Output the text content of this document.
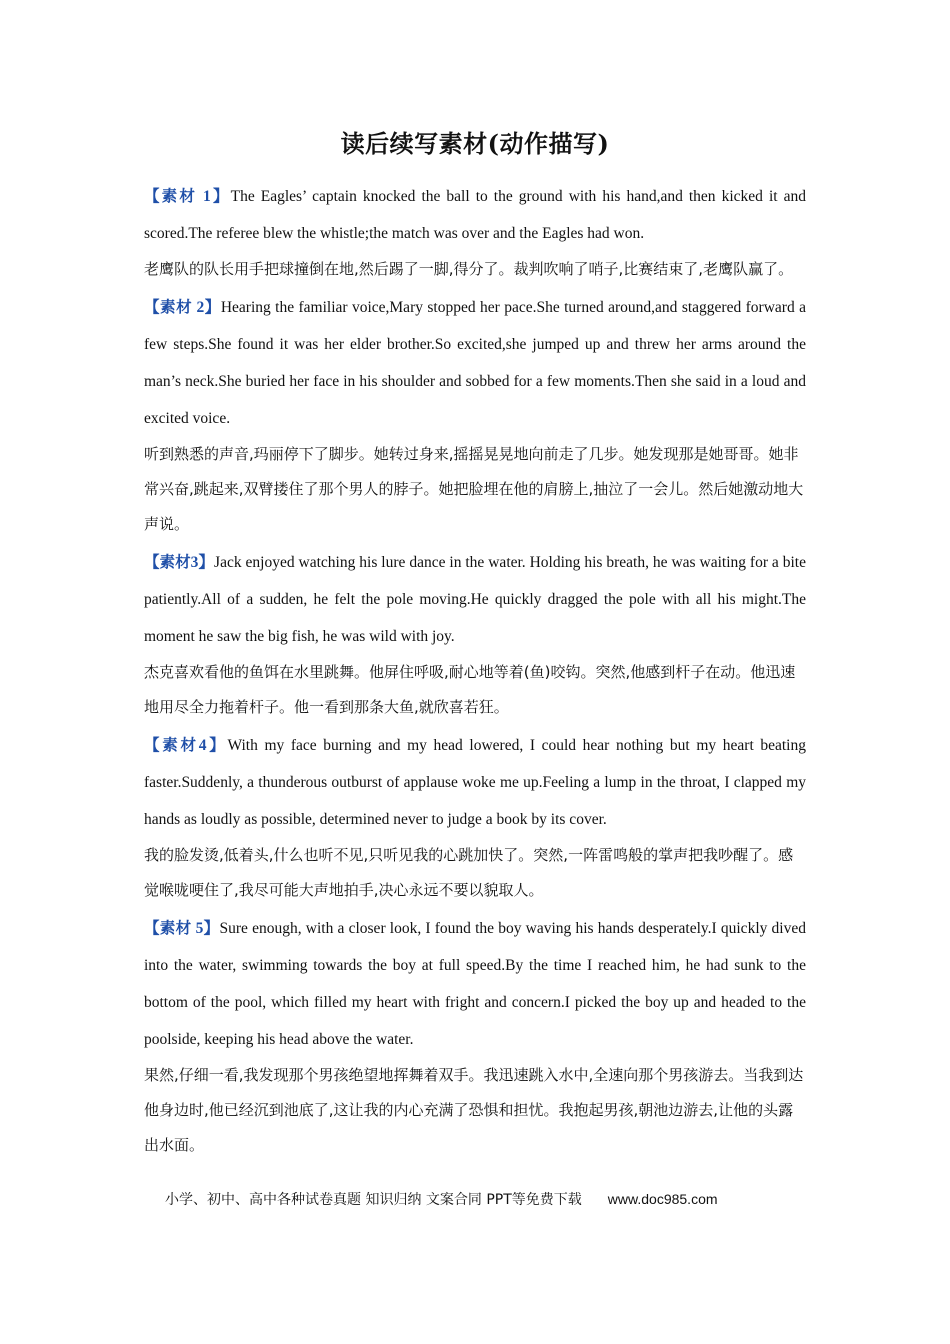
读后续写素材(动作描写)

【素材 1】The Eagles’ captain knocked the ball to the ground with his hand,and then kicked it and scored.The referee blew the whistle;the match was over and the Eagles had won.

老鹰队的队长用手把球撞倒在地,然后踢了一脚,得分了。裁判吹响了哨子,比赛结束了,老鹰队赢了。

【素材 2】Hearing the familiar voice,Mary stopped her pace.She turned around,and staggered forward a few steps.She found it was her elder brother.So excited,she jumped up and threw her arms around the man’s neck.She buried her face in his shoulder and sobbed for a few moments.Then she said in a loud and excited voice.

听到熟悉的声音,玛丽停下了脚步。她转过身来,摇摇晃晃地向前走了几步。她发现那是她哥哥。她非常兴奋,跳起来,双臂搂住了那个男人的脖子。她把脸埋在他的肩膀上,抽泣了一会儿。然后她激动地大声说。

【素材3】Jack enjoyed watching his lure dance in the water. Holding his breath, he was waiting for a bite patiently.All of a sudden, he felt the pole moving.He quickly dragged the pole with all his might.The moment he saw the big fish, he was wild with joy.

杰克喜欢看他的鱼饵在水里跳舞。他屏住呼吸,耐心地等着(鱼)咬钩。突然,他感到杆子在动。他迅速地用尽全力拖着杆子。他一看到那条大鱼,就欣喜若狂。

【素材4】With my face burning and my head lowered, I could hear nothing but my heart beating faster.Suddenly, a thunderous outburst of applause woke me up.Feeling a lump in the throat, I clapped my hands as loudly as possible, determined never to judge a book by its cover.

我的脸发烫,低着头,什么也听不见,只听见我的心跳加快了。突然,一阵雷鸣般的掌声把我吵醒了。感觉喉咙哽住了,我尽可能大声地拍手,决心永远不要以貌取人。

【素材 5】Sure enough, with a closer look, I found the boy waving his hands desperately.I quickly dived into the water, swimming towards the boy at full speed.By the time I reached him, he had sunk to the bottom of the pool, which filled my heart with fright and concern.I picked the boy up and headed to the poolside, keeping his head above the water.

果然,仔细一看,我发现那个男孩绝望地挥舞着双手。我迅速跳入水中,全速向那个男孩游去。当我到达他身边时,他已经沉到池底了,这让我的内心充满了恐惧和担忧。我抱起男孩,朝池边游去,让他的头露出水面。

小学、初中、高中各种试卷真题 知识归纳 文案合同 PPT等免费下载 www.doc985.com
